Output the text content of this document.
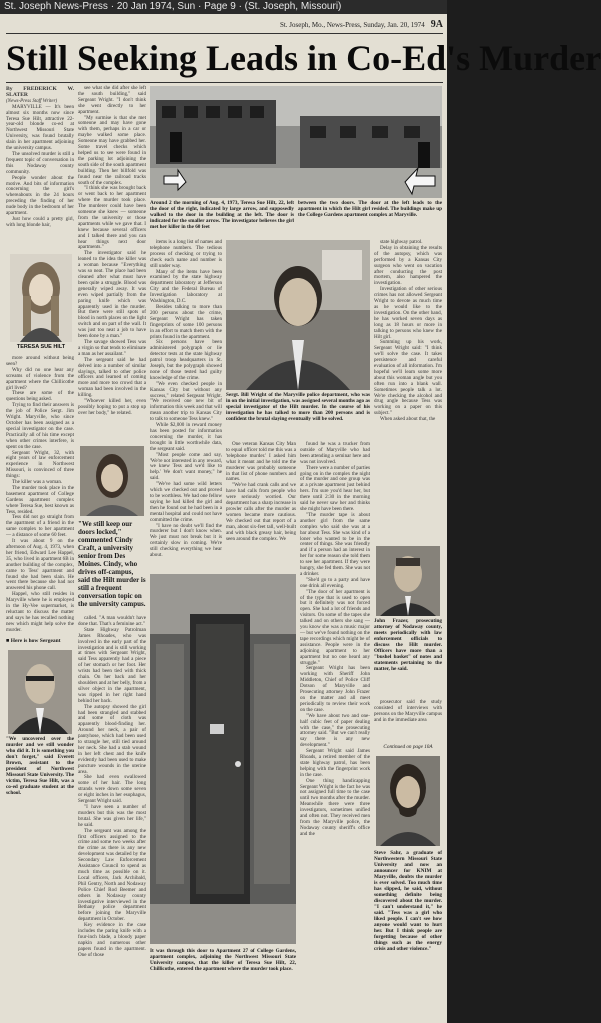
St. Joseph News-Press · 20 Jan 1974, Sun · Page 9 · (St. Joseph, Missouri)
St. Joseph, Mo., News-Press, Sunday, Jan. 20, 1974 9A
Still Seeking Leads in Co-Ed's Murder
By FREDERICK W. SLATER
(News-Press Staff Writer)

MARYVILLE — It's been almost six months now since Teresa Sue Hilt, attractive 22-year-old blonde co-ed at Northwest Missouri State University, was found brutally slain in her apartment adjoining the university campus.

The unsolved murder is still a frequent topic of conversation in this Nodaway county community.

People wonder about the motive. And bits of information concerning the girl's whereabouts in the 24 hours preceding the finding of her nude body in the bedroom of her apartment.

Just how could a pretty girl, with long blonde hair,

TERESA SUE HILT

more around without being seen?

Why did no one hear any screams of violence from the apartment where the Chillicothe girl lived?

These are some of the questions being asked.

Trying to find their answers is the job of Police Sergt. Jim Wright. Maryville, who since October has been assigned as a special investigator on the case. Practically all of his time except when other crimes interfere, is spent on the case.

Sergeant Wright, 32, with eight years of law enforcement experience in Northwest Missouri, is convinced of three things:

The killer was a woman.

The murder took place in the basement apartment of College Gardens apartment complex where Teresa Sue, best known as Tess, resided.

Tess did not go straight from the apartment of a friend in the same complex to her apartment — a distance of some 60 feet.

It was about 9 on the afternoon of Aug. 4, 1973, when her friend, Edward Lee Happel, 35, who lived in apartment 6B in another building of the complex, came to Tess' apartment and found she had been slain. He went there because she had not answered his phone call.

Happel, who still resides in Maryville where he is employed in the Hy-Vee supermarket, is reluctant to discuss the matter and says he has recalled nothing new which might help solve the murder.

■ Here is how Sergeant
"We uncovered over the murder and we still wonder who did it. It is something you don't forget," said Everett Brown, assistant to the president of Northwest Missouri State University. The victim, Teresa Sue Hilt, was a co-ed graduate student at the school.

see what she did after she left the south building," said Sergeant Wright. "I don't think she went directly to her apartment.

"My surmise is that she met someone and may have gone with them, perhaps in a car or maybe walked some place. Someone may have grabbed her. Some travel checks which helped us to see were found in the parking lot adjoining the south side of the south apartment building. Then her billfold was found near the railroad tracks south of the complex.

"I think she was brought back or went back to her apartment where the murder took place. The murderer could have been someone she knew — someone from the university or those apartments while we gave that. I knew because several officers and I talked there and you can hear things next door apartments."

The investigator said he leaned to the idea the killer was a woman because "Everything was so neat. The place had been cleaned after what must have been quite a struggle. Blood was generally wiped away. It was even wiped partially from the paring knife which was apparently used in the murder. But there were still spots of blood in north places on the light switch and on part of the wall. It was just too neat a job to have been done by a man."

The savage showed Tess was a virgin so that tends to eliminate a man as her assailant."

The sergeant said he had delved into a number of similar slayings, talked to other police officers and learned of coming more and more too crowd that a woman had been involved in the killing.

"Whoever killed her, even possibly hoping to put a stop up over her body," he related.

"We still keep our doors locked," commented Cindy Craft, a university senior from Des Moines. Cindy, who drives off-campus, said the Hilt murder is still a frequent conversation topic on the university campus.

called. "A man wouldn't have done that. That's a feminine act."

State Highway Patrolman James Rhoades, who was involved in the early part of the investigation and is still working at times with Sergeant Wright, said Tess apparently had a piece of her stomach or her foot. Her wrists had been tied with thick chain. On her back and her shoulders and at her belly, from a silver object in the apartment, was ripped in her right hand behind her back.

The autopsy showed the girl had been strangled and stabbed and some of cloth was apparently blood-finding her. Around her neck, a pair of pantyhose, which had been used to strangle her, still tied around her neck. She had a stab wound in her left chest and the knife evidently had been used to make puncture wounds in the uterine area.

She had even swallowed some of her hair. The long strands were down some seven or eight inches in her esophagus, Sergeant Wright said.

"I have seen a number of murders but this was the most brutal. She was given her life," he said.

The sergeant was among the first officers assigned to the crime and some two weeks after the crime as there is any new development was detailed by the Secondary Law Enforcement Assistance Council to spend as much time as possible on it. Local officers, Jack Archibald, Phil Gentry, North and Nodaway Police Chief Rod Beemer and others in Nodaway county investigative interviewed in the Bethany police department before joining the Maryville department in October.

Key evidence in the case includes the paring knife with a four-inch blade, a bloody paper napkin and numerous other papers found in the apartment. One of those

Around 2 the morning of Aug. 4, 1973, Teresa Sue Hilt, 22, left the door of the right, indicated by large arrow, and supposedly walked to the door in the building at the left. The door is indicated for the smaller arrow. The investigator believes the girl met her killer in the 60 feet
between the two doors. The door at the left leads to the apartment in which the Hilt girl resided. The buildings make up the College Gardens apartment complex at Maryville.

items is a long list of names and telephone numbers. The tedious process of checking or trying to check each name and number is still under way.

Many of the items have been examined by the state highway department laboratory at Jefferson City and the Federal Bureau of Investigation laboratory at Washington, D.C.

Besides talking to more than 200 persons about the crime, Sergeant Wright has taken fingerprints of some 100 persons in an effort to match them with the prints found in the apartment.

Six persons have been administered polygraph or lie detector tests at the state highway patrol troop headquarters in St. Joseph, but the polygraph showed none of those tested had guilty knowledge of the crime.

"We even checked people in Kansas City but without any success," related Sergeant Wright. "We received one new bit of information this week and that will mean another trip to Kansas City to talk to someone Tess knew."

While $2,000 in reward money has been posted for information concerning the murder, it has brought in little worthwhile data, the sergeant said.

"Most people come and say, 'We're not interested in any reward, we knew Tess and we'd like to help.' We don't want money," he said.

"We've had some wild letters which we checked out and proved to be worthless. We had one fellow saying he had killed the girl and then he found out he had been in a mental hospital and could not have committed the crime.

"I have no doubt we'll find the murderer but I don't know when. We just must not break but it is certainly slow in coming. We're still checking everything we hear about.

Sergt. Bill Wright of the Maryville police department, who was in on the initial investigation, was assigned several months ago as special investigator of the Hilt murder. In the course of his investigation he has talked to more than 200 persons and is confident the brutal slaying eventually will be solved.

One veteran Kansas City Man to equal officer told me this was a 'telephone murder.' I asked him what it meant and he told me the murderer was probably someone in that list of phone numbers and names.

"We've had crank calls and we have had calls from people who were seriously worried. Our department has a sharp increase in prowler calls after the murder as women became more cautious. We checked out that report of a man, about six-feet tall, well-built and with black greasy hair, being seen around the complex. We

found he was a trucker from outside of Maryville who had been attending a seminar here and was not involved.

There were a number of parties going on in the complex the night of the murder and one group was at a private apartment just behind hers. I'm sure you'd hear her, but there until 2:30 in the morning said he never saw her and thinks she might have been there.

"The murder tape is about another girl from the same complex who said she was at a bar about Tess. She was kind of a loner who wanted to be in the center of things. She was friendly and if a person had an interest in her for some reason she told them to see her apartment. If they were hungry, she fed them. She was not a drinker.

"She'd go to a party and have one drink all evening.

"The door of her apartment is of the type that is used to open but it definitely was not forced open. She had a lot of friends and visitors. On some of the tapes she talked and on others she sang — you know she was a music major — but we've found nothing on the tape recordings which might be of assistance. People were in the adjoining apartment to her apartment but no one heard any struggle."

Sergeant Wright has been working with Sheriff John Middleton, Chief of Police Cliff Dotson of Maryville and Prosecuting attorney John Frazer on the matter and all meet periodically to review their work on the case.

"We have about two and one-half cubic feet of paper dealing with the case," the prosecuting attorney said. "But we can't really say there is any new development."

Sergeant Wright said James Rhoads, a retired member of the state highway patrol, has been helping with the fingerprint work in the case.

One thing handicapping Sergeant Wright is the fact he was not assigned full time to the case until two months after the murder. Meanwhile there were three investigators, sometimes unified and often not. They received men from the Maryville police, the Nodaway county sheriff's office and the

state highway patrol.

Delay in obtaining the results of the autopsy, which was performed by a Kansas City surgeon who went on vacation after conducting the post mortem, also hampered the investigation.

Investigation of other serious crimes has not allowed Sergeant Wright to devote as much time as he would like to the investigation. On the other hand, he has worked seven days as long as 18 hours or more in talking to persons who knew the Hilt girl.

Summing up his work, Sergeant Wright said: "I think we'll solve the case. It takes persistence and careful evaluation of all information. I'm hopeful we'll learn some more about this woman angle but you often run into a blank wall. Sometimes people talk a lot. We're checking the alcohol and drug angle because Tess was working on a paper on this subject."

When asked about that, the

John Frazer, prosecuting attorney of Nodaway county, meets periodically with law enforcement officials to discuss the Hilt murder. Officers have more than a "bushel basket" of notes and statements pertaining to the matter, he said.

prosecutor said the study consisted of interviews with persons on the Maryville campus and in the immediate area

Continued on page 10A
It was through this door to Apartment 27 of College Gardens, apartment complex, adjoining the Northwest Missouri State University campus, that the killer of Teresa Sue Hilt, 22, Chillicothe, entered the apartment where the murder took place.
Steve Sahr, a graduate of Northwestern Missouri State University and now an announcer for KNIM at Maryville, doubts the murder is ever solved. Too much time has slipped, he said, without something definite being discovered about the murder. "I can't understand it," he said. "Tess was a girl who liked people. I can't see how anyone would want to hurt her. But I think people are forgetting because of other things such as the energy crisis and other violence."
